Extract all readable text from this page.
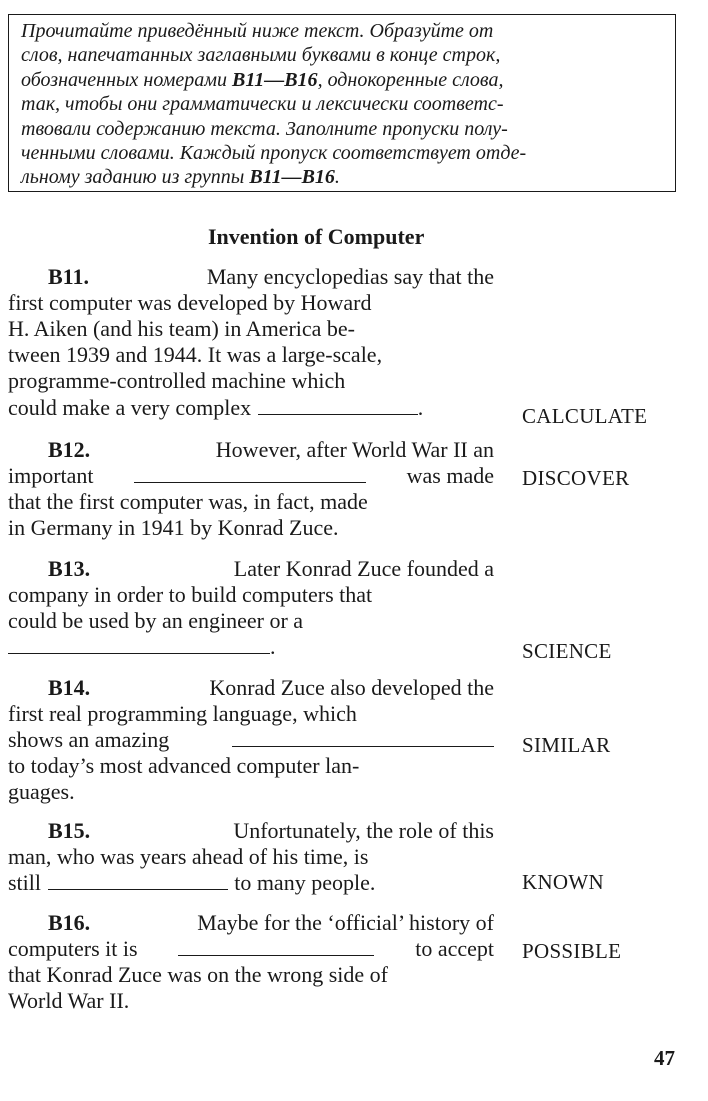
Прочитайте приведённый ниже текст. Образуйте от
слов, напечатанных заглавными буквами в конце строк,
обозначенных номерами B11—B16, однокоренные слова,
так, чтобы они грамматически и лексически соответс-
твовали содержанию текста. Заполните пропуски полу-
ченными словами. Каждый пропуск соответствует отде-
льному заданию из группы B11—B16.
Invention of Computer
B11.	Many encyclopedias say that the
first computer was developed by Howard
H. Aiken (and his team) in America be-
tween 1939 and 1944. It was a large-scale,
programme-controlled machine which
could make a very complex	.	CALCULATE
B12.	However, after World War II an
important	was made
that the first computer was, in fact, made
in Germany in 1941 by Konrad Zuce.
DISCOVER
B13.	Later Konrad Zuce founded a
company in order to build computers that
could be used by an engineer or a
.	SCIENCE
B14.	Konrad Zuce also developed the
first real programming language, which
shows an amazing
to today’s most advanced computer lan-
guages.
SIMILAR
B15.	Unfortunately, the role of this
man, who was years ahead of his time, is
still	to many people.	KNOWN
B16.	Maybe for the ‘official’ history of
computers it is	to accept
that Konrad Zuce was on the wrong side of
World War II.
POSSIBLE
47
